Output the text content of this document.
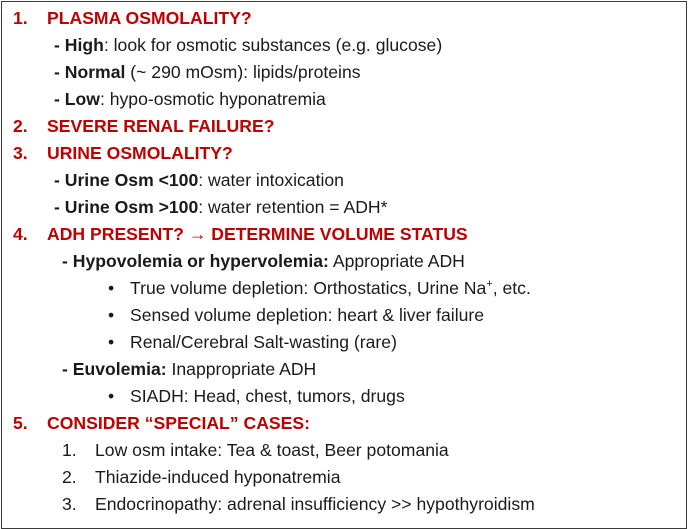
1. PLASMA OSMOLALITY?
- High: look for osmotic substances (e.g. glucose)
- Normal (~ 290 mOsm): lipids/proteins
- Low: hypo-osmotic hyponatremia
2. SEVERE RENAL FAILURE?
3. URINE OSMOLALITY?
- Urine Osm <100: water intoxication
- Urine Osm >100: water retention = ADH*
4. ADH PRESENT? → DETERMINE VOLUME STATUS
- Hypovolemia or hypervolemia: Appropriate ADH
• True volume depletion: Orthostatics, Urine Na+, etc.
• Sensed volume depletion: heart & liver failure
• Renal/Cerebral Salt-wasting (rare)
- Euvolemia: Inappropriate ADH
• SIADH: Head, chest, tumors, drugs
5. CONSIDER “SPECIAL” CASES:
1. Low osm intake: Tea & toast, Beer potomania
2. Thiazide-induced hyponatremia
3. Endocrinopathy: adrenal insufficiency >> hypothyroidism
